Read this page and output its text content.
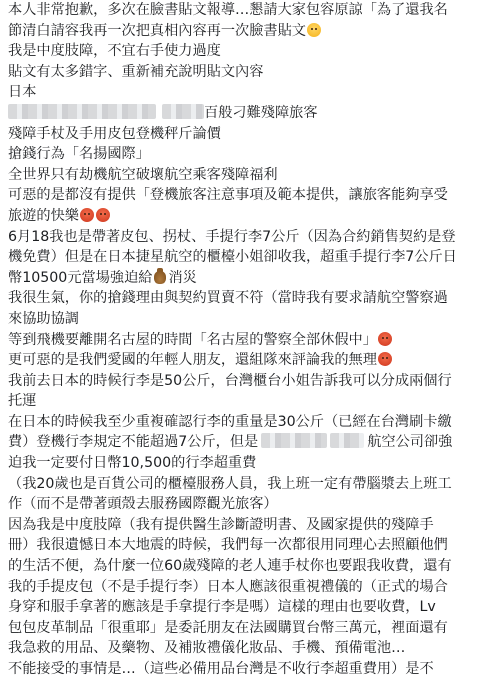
本人非常抱歉，多次在臉書貼文報導…懇請大家包容原諒「為了還我名
節清白請容我再一次把真相內容再一次臉書貼文
我是中度肢障，不宜右手使力過度
貼文有太多錯字、重新補充說明貼文內容
日本
百般刁難殘障旅客
殘障手杖及手用皮包登機秤斤論價
搶錢行為「名揚國際」
全世界只有劫機航空破壞航空乘客殘障福利
可惡的是都沒有提供「登機旅客注意事項及範本提供，讓旅客能夠享受
旅遊的快樂
6月18我也是帶著皮包、拐杖、手提行李7公斤（因為合約銷售契約是登
機免費）但是在日本捷星航空的櫃檯小姐卻收我，超重手提行李7公斤日
幣10500元當場強迫給 消災
我很生氣，你的搶錢理由與契約買賣不符（當時我有要求請航空警察過
來協助協調
等到飛機要離開名古屋的時間「名古屋的警察全部休假中」
更可惡的是我們愛國的年輕人朋友，還組隊來評論我的無理
我前去日本的時候行李是50公斤，台灣櫃台小姐告訴我可以分成兩個行
托運
在日本的時候我至少重複確認行李的重量是30公斤（已經在台灣刷卡繳
費）登機行李規定不能超過7公斤，但是	航空公司卻強
迫我一定要付日幣10,500的行李超重費
（我20歲也是百貨公司的櫃檯服務人員，我上班一定有帶腦漿去上班工
作（而不是帶著頭殼去服務國際觀光旅客）
因為我是中度肢障（我有提供醫生診斷證明書、及國家提供的殘障手
冊）我很遺憾日本大地震的時候，我們每一次都很用同理心去照顧他們
的生活不便，為什麼一位60歲殘障的老人連手杖你也要跟我收費，還有
我的手提皮包（不是手提行李）日本人應該很重視禮儀的（正式的場合
身穿和服手拿著的應該是手拿提行李是嗎）這樣的理由也要收費，Lv
包包皮革制品「很重耶」是委託朋友在法國購買台幣三萬元，裡面還有
我急救的用品、及藥物、及補妝禮儀化妝品、手機、預備電池…
不能接受的事情是…（這些必備用品台灣是不收行李超重費用）是不
